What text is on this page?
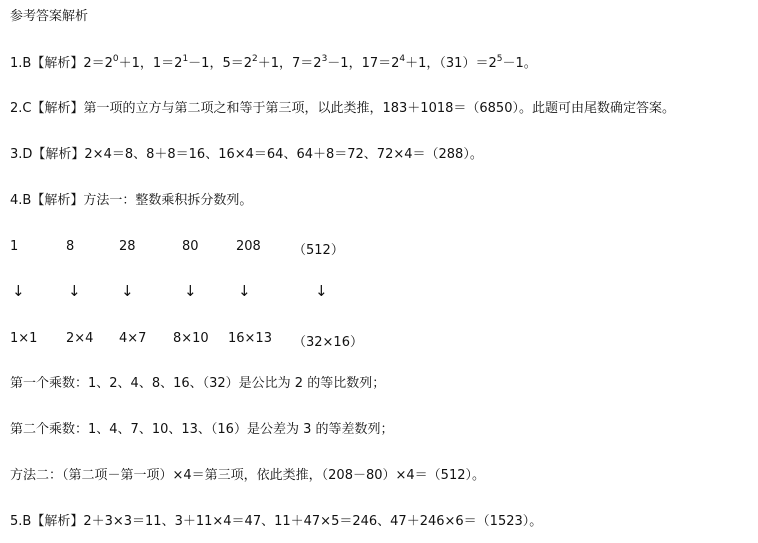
参考答案解析
1.B【解析】$2=2^0+1$，$1=2^1-1$，$5=2^2+1$，$7=2^3-1$，$17=2^4+1$，$(31)=2^5-1$。
2.C【解析】第一项的立方与第二项之和等于第三项，以此类推，183＋1018＝（6850）。此题可由尾数确定答案。
3.D【解析】2×4＝8、8＋8＝16、16×4＝64、64＋8＝72、72×4＝（288）。
4.B【解析】方法一：整数乘积拆分数列。
1	8	28	80	208 （512）
↓	↓	↓	↓	↓	↓
1×1 2×4 4×7 8×10 16×13 （32×16）
第一个乘数：1、2、4、8、16、（32）是公比为 2 的等比数列；
第二个乘数：1、4、7、10、13、（16）是公差为 3 的等差数列；
方法二：（第二项－第一项）×4＝第三项，依此类推，（208－80）×4＝（512）。
5.B【解析】2＋3×3＝11、3＋11×4＝47、11＋47×5＝246、47＋246×6＝（1523）。
